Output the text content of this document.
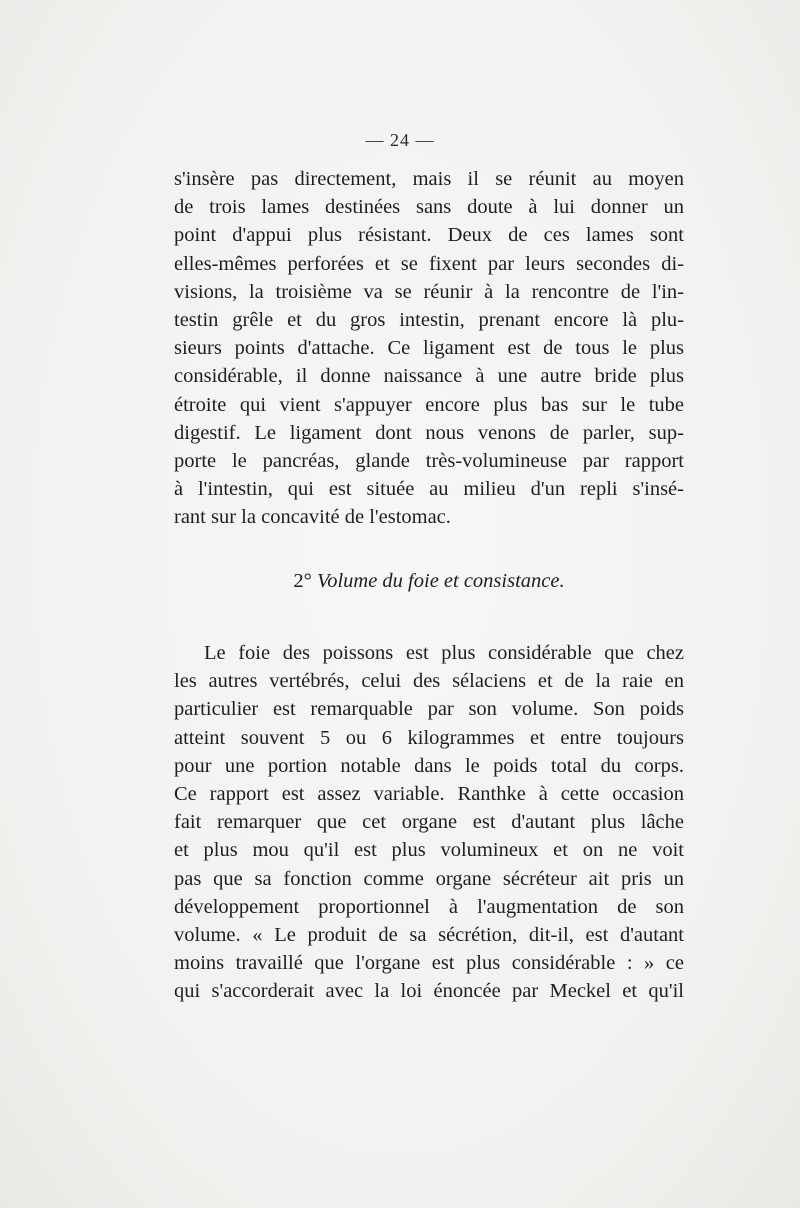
— 24 —
s'insère pas directement, mais il se réunit au moyen
de trois lames destinées sans doute à lui donner un
point d'appui plus résistant. Deux de ces lames sont
elles-mêmes perforées et se fixent par leurs secondes di-
visions, la troisième va se réunir à la rencontre de l'in-
testin grêle et du gros intestin, prenant encore là plu-
sieurs points d'attache. Ce ligament est de tous le plus
considérable, il donne naissance à une autre bride plus
étroite qui vient s'appuyer encore plus bas sur le tube
digestif. Le ligament dont nous venons de parler, sup-
porte le pancréas, glande très-volumineuse par rapport
à l'intestin, qui est située au milieu d'un repli s'insé-
rant sur la concavité de l'estomac.
2° Volume du foie et consistance.
Le foie des poissons est plus considérable que chez
les autres vertébrés, celui des sélaciens et de la raie en
particulier est remarquable par son volume. Son poids
atteint souvent 5 ou 6 kilogrammes et entre toujours
pour une portion notable dans le poids total du corps.
Ce rapport est assez variable. Ranthke à cette occasion
fait remarquer que cet organe est d'autant plus lâche
et plus mou qu'il est plus volumineux et on ne voit
pas que sa fonction comme organe sécréteur ait pris un
développement proportionnel à l'augmentation de son
volume. « Le produit de sa sécrétion, dit-il, est d'autant
moins travaillé que l'organe est plus considérable : » ce
qui s'accorderait avec la loi énoncée par Meckel et qu'il
